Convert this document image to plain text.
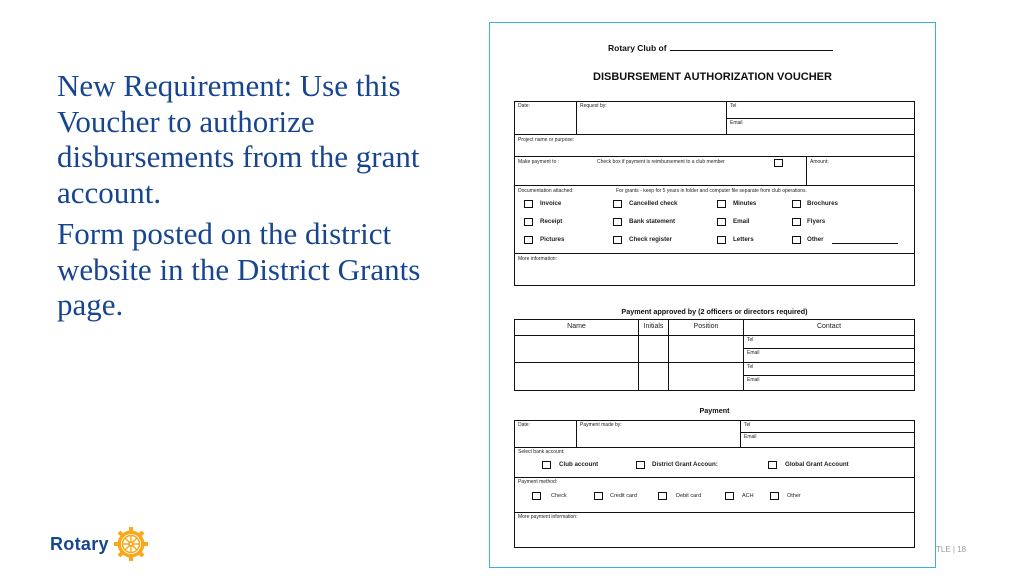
New Requirement: Use this Voucher to authorize disbursements from the grant account.

Form posted on the district website in the District Grants page.

Rotary	TLE | 18
Rotary Club of
DISBURSEMENT AUTHORIZATION VOUCHER
Date:	Request by:	Tel
Email
Project name or purpose:
Make payment to :	Check box if payment is reimbursement to a club member	Amount:
Documentation attached:	For grants - keep for 5 years in folder and computer file separate from club operations.
Invoice	Cancelled check	Minutes	Brochures
Receipt	Bank statement	Email	Flyers
Pictures	Check register	Letters	Other
More information:
Payment approved by (2 officers or directors required)
Name	Initials	Position	Contact
Tel
Email
Tel
Email
Payment
Date:	Payment made by:	Tel
Email
Select bank account:
Club account	District Grant Accoun:	Global Grant Account
Payment method:
Check	Credit card	Debit card	ACH	Other
More payment information:
